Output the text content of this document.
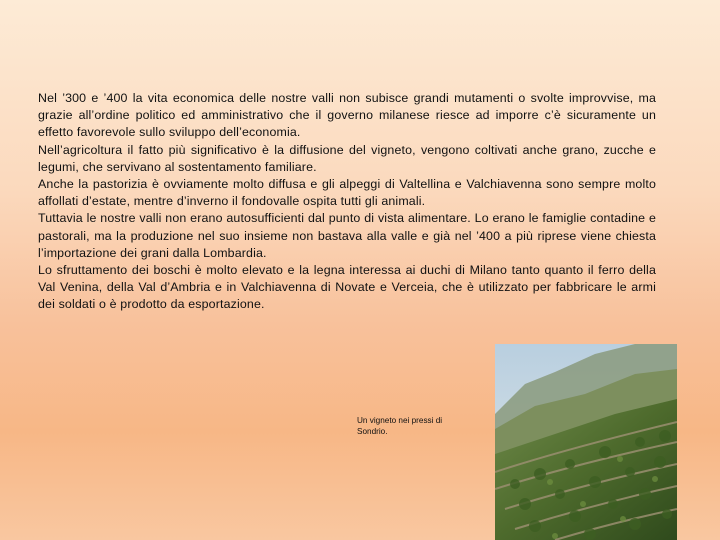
Nel ’300 e ’400 la vita economica delle nostre valli non subisce grandi mutamenti o svolte improvvise, ma grazie all’ordine politico ed amministrativo che il governo milanese riesce ad imporre c’è sicuramente un effetto favorevole sullo sviluppo dell’economia.

Nell’agricoltura il fatto più significativo è la diffusione del vigneto, vengono coltivati anche grano, zucche e legumi, che servivano al sostentamento familiare.

Anche la pastorizia è ovviamente molto diffusa e gli alpeggi di Valtellina e Valchiavenna sono sempre molto affollati d’estate, mentre d’inverno il fondovalle ospita tutti gli animali.

Tuttavia le nostre valli non erano autosufficienti dal punto di vista alimentare. Lo erano le famiglie contadine e pastorali, ma la produzione nel suo insieme non bastava alla valle e già nel ’400 a più riprese viene chiesta l’importazione dei grani dalla Lombardia.

Lo sfruttamento dei boschi è molto elevato e la legna interessa ai duchi di Milano tanto quanto il ferro della Val Venina, della Val d’Ambria e in Valchiavenna di Novate e Verceia, che è utilizzato per fabbricare le armi dei soldati o è prodotto da esportazione.

Un vigneto nei pressi di Sondrio.
